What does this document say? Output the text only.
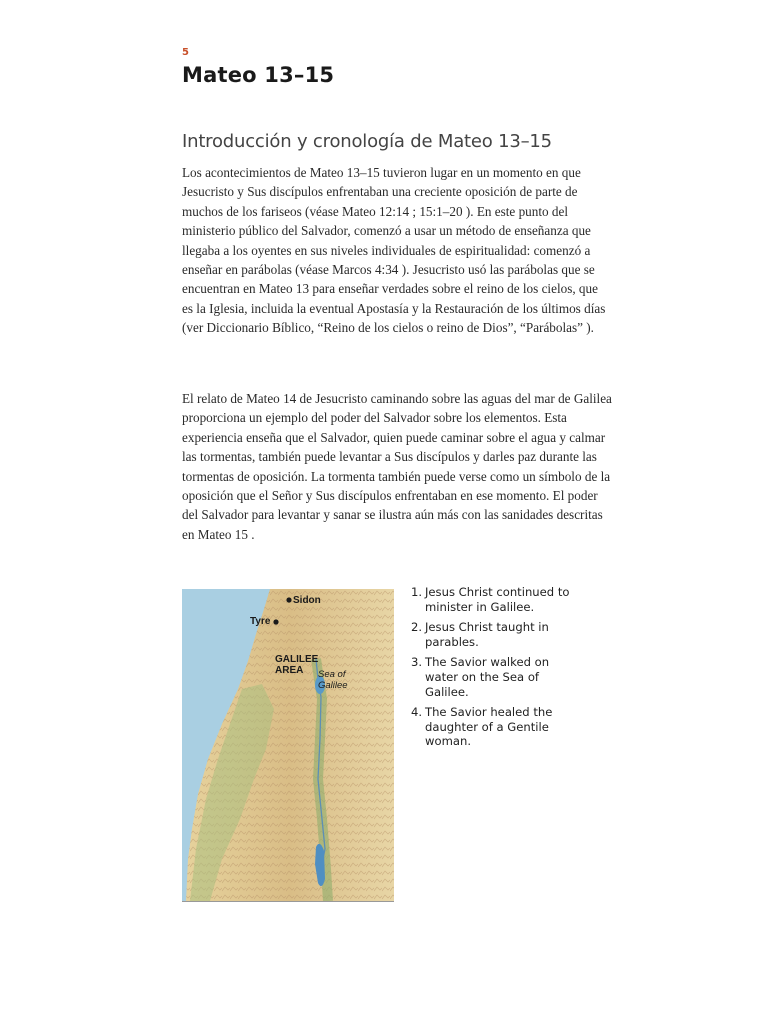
5
Mateo 13–15
Introducción y cronología de Mateo 13–15

Los acontecimientos de Mateo 13–15 tuvieron lugar en un momento en que Jesucristo y Sus discípulos enfrentaban una creciente oposición de parte de muchos de los fariseos (véase Mateo 12:14 ; 15:1–20 ). En este punto del ministerio público del Salvador, comenzó a usar un método de enseñanza que llegaba a los oyentes en sus niveles individuales de espiritualidad: comenzó a enseñar en parábolas (véase Marcos 4:34 ). Jesucristo usó las parábolas que se encuentran en Mateo 13 para enseñar verdades sobre el reino de los cielos, que es la Iglesia, incluida la eventual Apostasía y la Restauración de los últimos días (ver Diccionario Bíblico, “Reino de los cielos o reino de Dios”, “Parábolas” ).

El relato de Mateo 14 de Jesucristo caminando sobre las aguas del mar de Galilea proporciona un ejemplo del poder del Salvador sobre los elementos. Esta experiencia enseña que el Salvador, quien puede caminar sobre el agua y calmar las tormentas, también puede levantar a Sus discípulos y darles paz durante las tormentas de oposición. La tormenta también puede verse como un símbolo de la oposición que el Señor y Sus discípulos enfrentaban en ese momento. El poder del Salvador para levantar y sanar se ilustra aún más con las sanidades descritas en Mateo 15 .

Sidon
Tyre
GALILEE
AREA	Sea of
Galilee
1. Jesus Christ continued to minister in Galilee.
2. Jesus Christ taught in parables.
3. The Savior walked on water on the Sea of Galilee.
4. The Savior healed the daughter of a Gentile woman.
